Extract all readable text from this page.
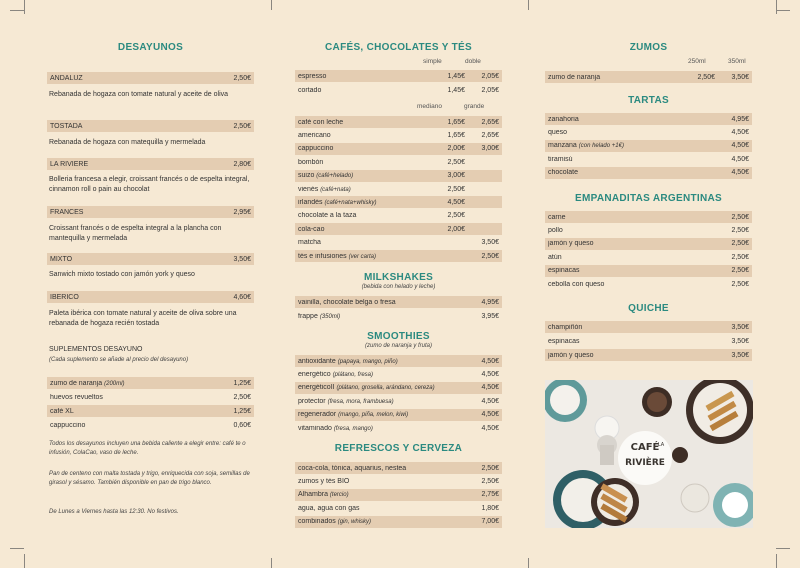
DESAYUNOS
ANDALUZ	2,50€
Rebanada de hogaza con tomate natural y aceite de oliva
TOSTADA	2,50€
Rebanada de hogaza con matequilla y mermelada
LA RIVIÈRE	2,80€
Bolleria francesa a elegir, croissant francés o de espelta integral, cinnamon roll o pain au chocolat
FRANCÉS	2,95€
Croissant francés o de espelta integral a la plancha con mantequilla y mermelada
MIXTO	3,50€
Sanwich mixto tostado con jamón york y queso
IBÉRICO	4,60€
Paleta ibérica con tomate natural y aceite de oliva sobre una rebanada de hogaza recién tostada
SUPLEMENTOS DESAYUNO
(Cada suplemento se añade al precio del desayuno)
zumo de naranja (200ml)	1,25€
huevos revueltos	2,50€
café XL	1,25€
cappuccino	0,60€
Todos los desayunos incluyen una bebida caliente a elegir entre: café te o infusión, ColaCao, vaso de leche.
Pan de centeno con malta tostada y trigo, enriquecida con soja, semillas de girasol y sésamo. También disponible en pan de trigo blanco.
De Lunes a Viernes hasta las 12:30. No festivos.
CAFÉS, CHOCOLATES Y TÉS
simple	doble
mediano	grande
MILKSHAKES
(bebida con helado y leche)
SMOOTHIES
(zumo de naranja y fruta)
REFRESCOS Y CERVEZA
espresso	1,45€	2,05€
cortado	1,45€	2,05€
café con leche	1,65€	2,65€
americano	1,65€	2,65€
cappuccino	2,00€	3,00€
bombón	2,50€
suizo (café+helado)	3,00€
vienés (café+nata)	2,50€
irlandés (café+nata+whisky)	4,50€
chocolate a la taza	2,50€
cola-cao	2,00€
matcha	3,50€
tés e infusiones (ver carta)	2,50€
vainilla, chocolate belga o fresa	4,95€
frappe (350ml)	3,95€
antioxidante (papaya, mango, piño)	4,50€
energético (plátano, fresa)	4,50€
energéticoII (plátano, grosella, arándano, cereza)	4,50€
protector (fresa, mora, frambuesa)	4,50€
regenerador (mango, piña, melon, kiwi)	4,50€
vitaminado (fresa, mango)	4,50€
coca-cola, tónica, aquarius, nestea	2,50€
zumos y tés BIO	2,50€
Alhambra (tercio)	2,75€
agua, agua con gas	1,80€
combinados (gin, whisky)	7,00€
ZUMOS
250ml	350ml
TARTAS
EMPANADITAS ARGENTINAS
QUICHE
zumo de naranja	2,50€	3,50€
zanahoria	4,95€
queso	4,50€
manzana (con helado +1€)	4,50€
tiramisú	4,50€
chocolate	4,50€
carne	2,50€
pollo	2,50€
jamón y queso	2,50€
atún	2,50€
espinacas	2,50€
cebolla con queso	2,50€
champiñón	3,50€
espinacas	3,50€
jamón y queso	3,50€
CAFÉ
LA
RIVIÈRE
